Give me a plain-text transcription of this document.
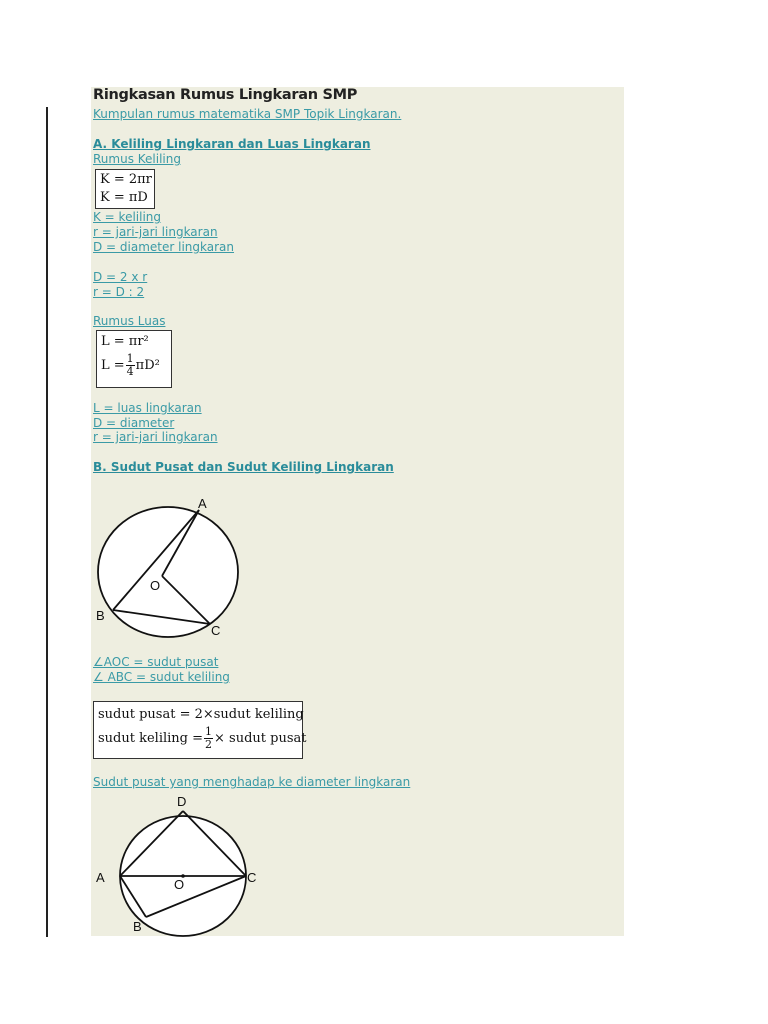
Ringkasan Rumus Lingkaran SMP
Kumpulan rumus matematika SMP Topik Lingkaran.
A. Keliling Lingkaran dan Luas Lingkaran
Rumus Keliling
K = 2πr
K = πD
K = keliling
r = jari-jari lingkaran
D = diameter lingkaran
D = 2 x r
r = D : 2
Rumus Luas
L = πr²
$L = \frac{1}{4} \pi D^2$
L = luas lingkaran
D = diameter
r = jari-jari lingkaran
B. Sudut Pusat dan Sudut Keliling Lingkaran
A
O
B
C
∠AOC = sudut pusat
∠ ABC = sudut keliling
sudut pusat = 2×sudut keliling
sudut keliling = $\frac{1}{2}$ × sudut pusat
Sudut pusat yang menghadap ke diameter lingkaran
D
A	O	C
B
